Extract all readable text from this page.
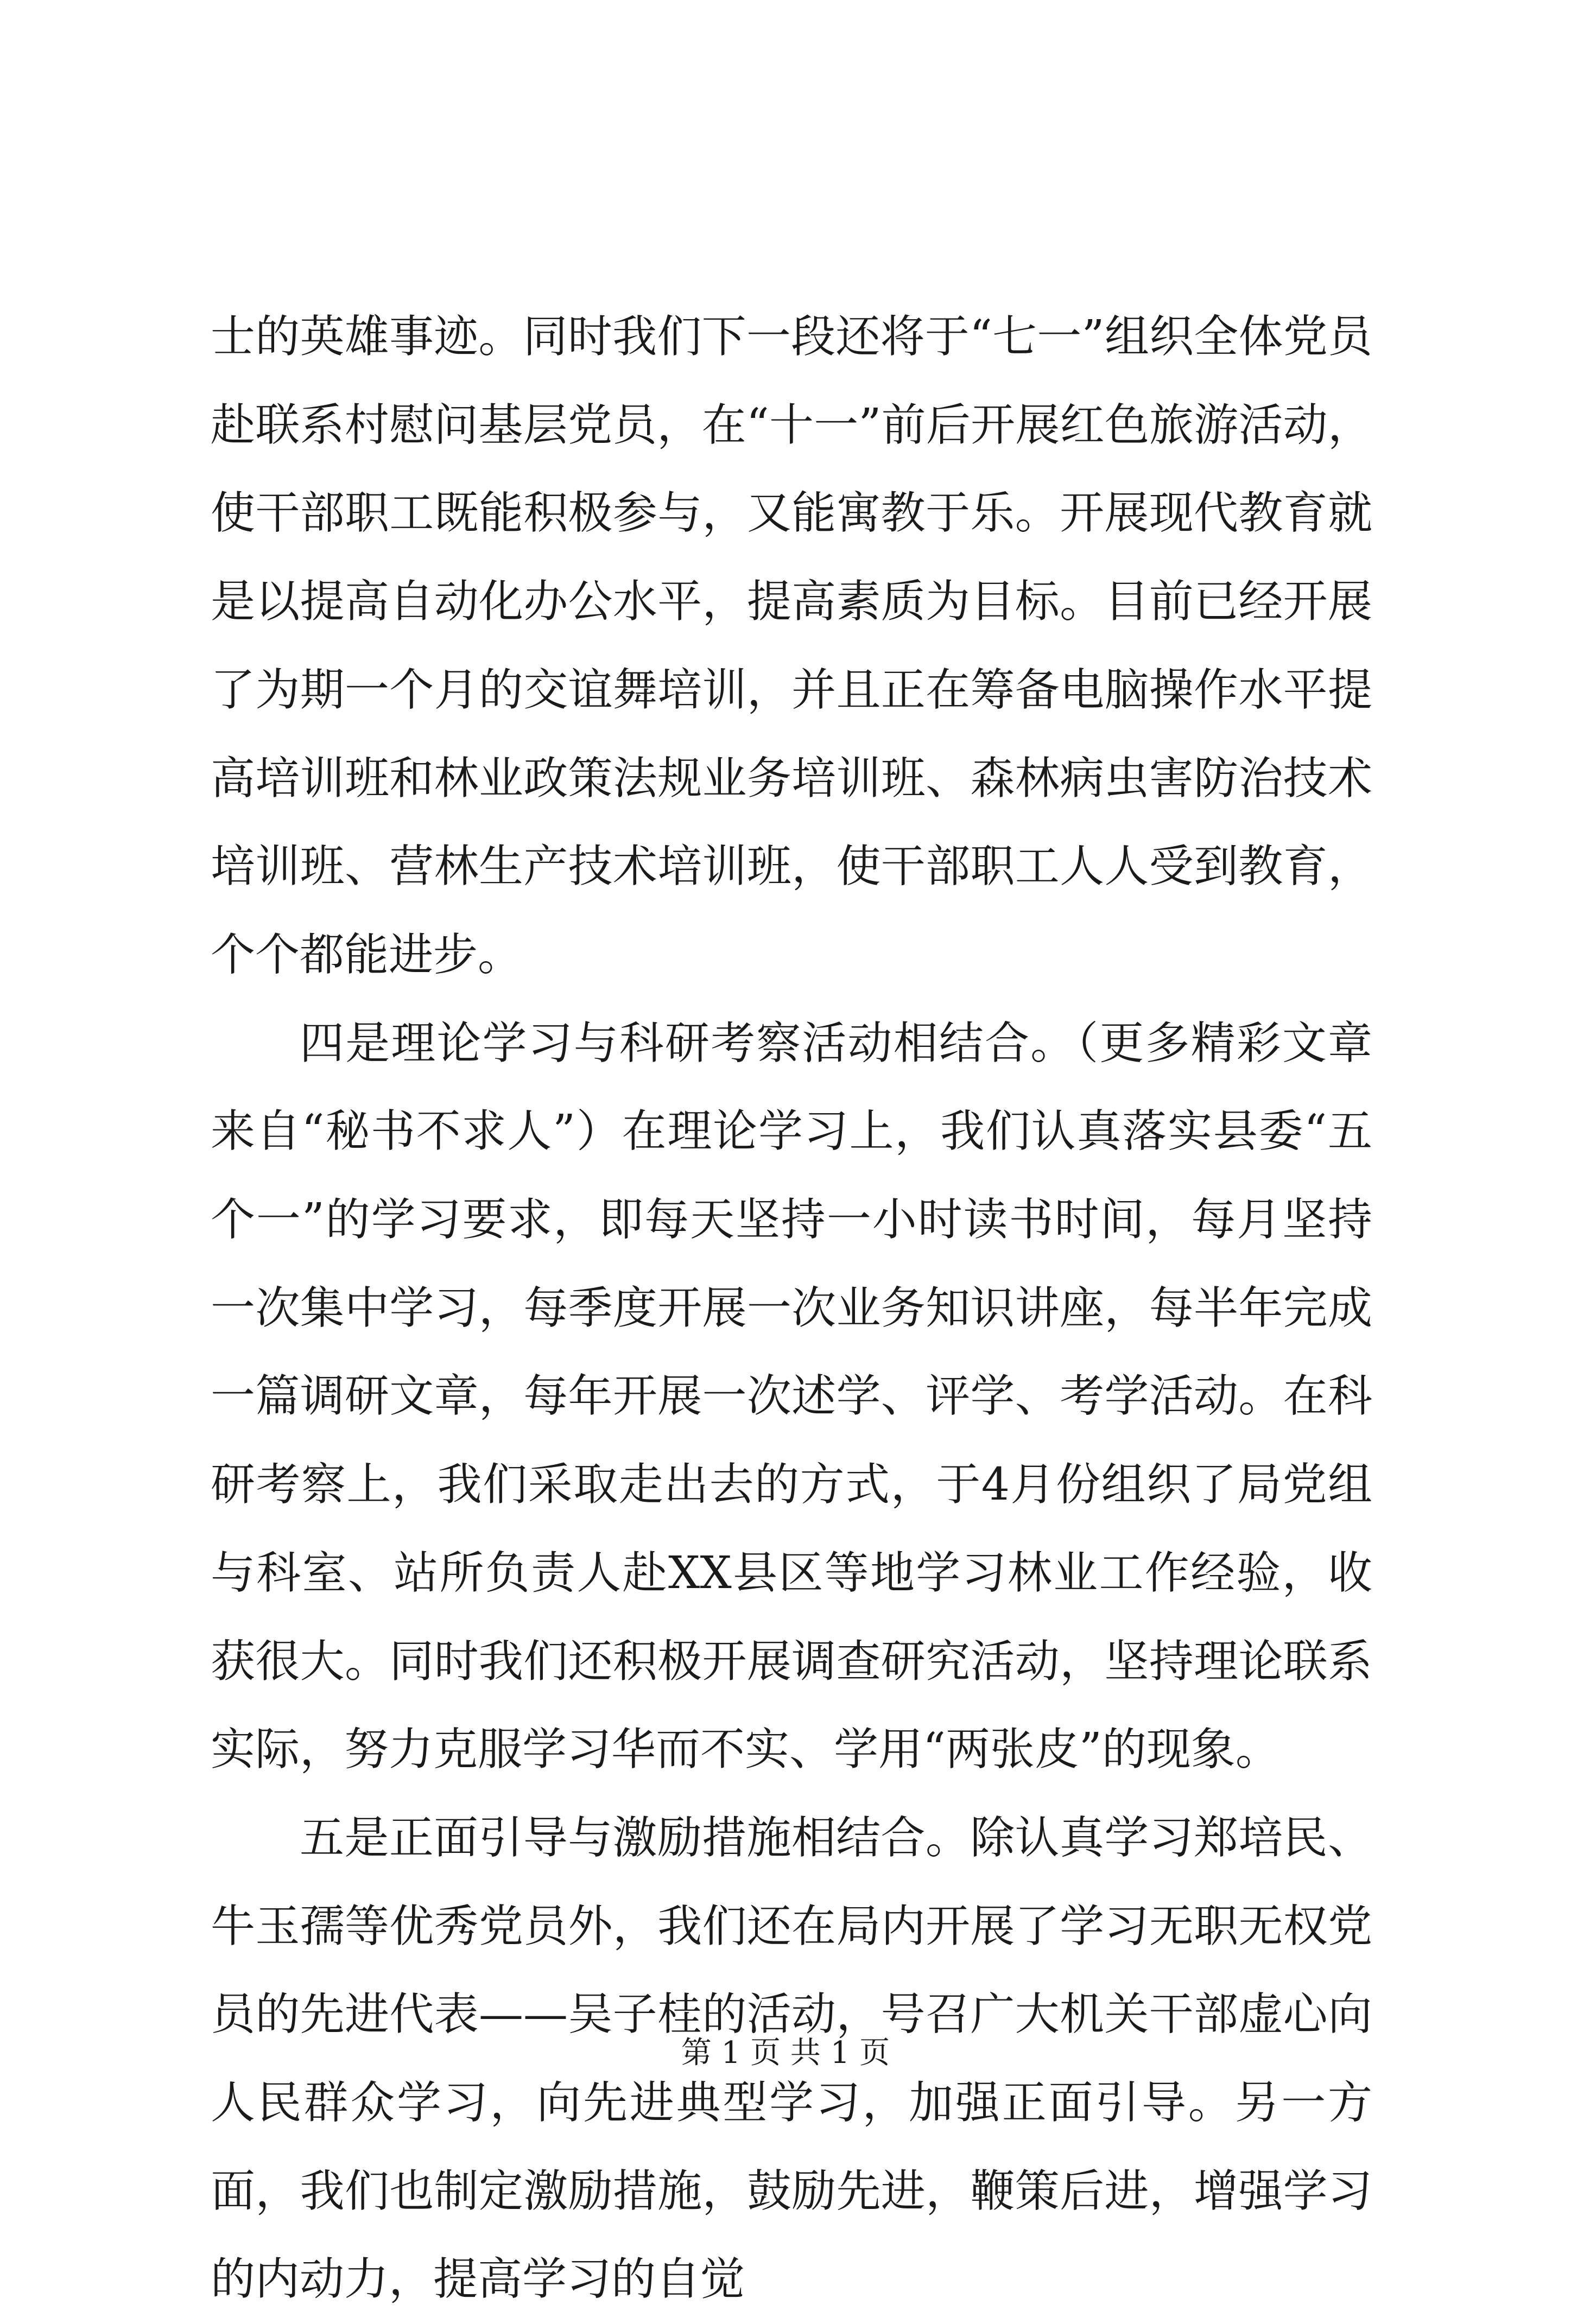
士的英雄事迹。同时我们下一段还将于“七一”组织全体党员赴联系村慰问基层党员，在“十一”前后开展红色旅游活动，使干部职工既能积极参与，又能寓教于乐。开展现代教育就是以提高自动化办公水平，提高素质为目标。目前已经开展了为期一个月的交谊舞培训，并且正在筹备电脑操作水平提高培训班和林业政策法规业务培训班、森林病虫害防治技术培训班、营林生产技术培训班，使干部职工人人受到教育，个个都能进步。

四是理论学习与科研考察活动相结合。（更多精彩文章来自“秘书不求人”）在理论学习上，我们认真落实县委“五个一”的学习要求，即每天坚持一小时读书时间，每月坚持一次集中学习，每季度开展一次业务知识讲座，每半年完成一篇调研文章，每年开展一次述学、评学、考学活动。在科研考察上，我们采取走出去的方式，于4月份组织了局党组与科室、站所负责人赴XX县区等地学习林业工作经验，收获很大。同时我们还积极开展调查研究活动，坚持理论联系实际，努力克服学习华而不实、学用“两张皮”的现象。

五是正面引导与激励措施相结合。除认真学习郑培民、牛玉孺等优秀党员外，我们还在局内开展了学习无职无权党员的先进代表——吴子桂的活动，号召广大机关干部虚心向人民群众学习，向先进典型学习，加强正面引导。另一方面，我们也制定激励措施，鼓励先进，鞭策后进，增强学习的内动力，提高学习的自觉

第 1 页 共 1 页
